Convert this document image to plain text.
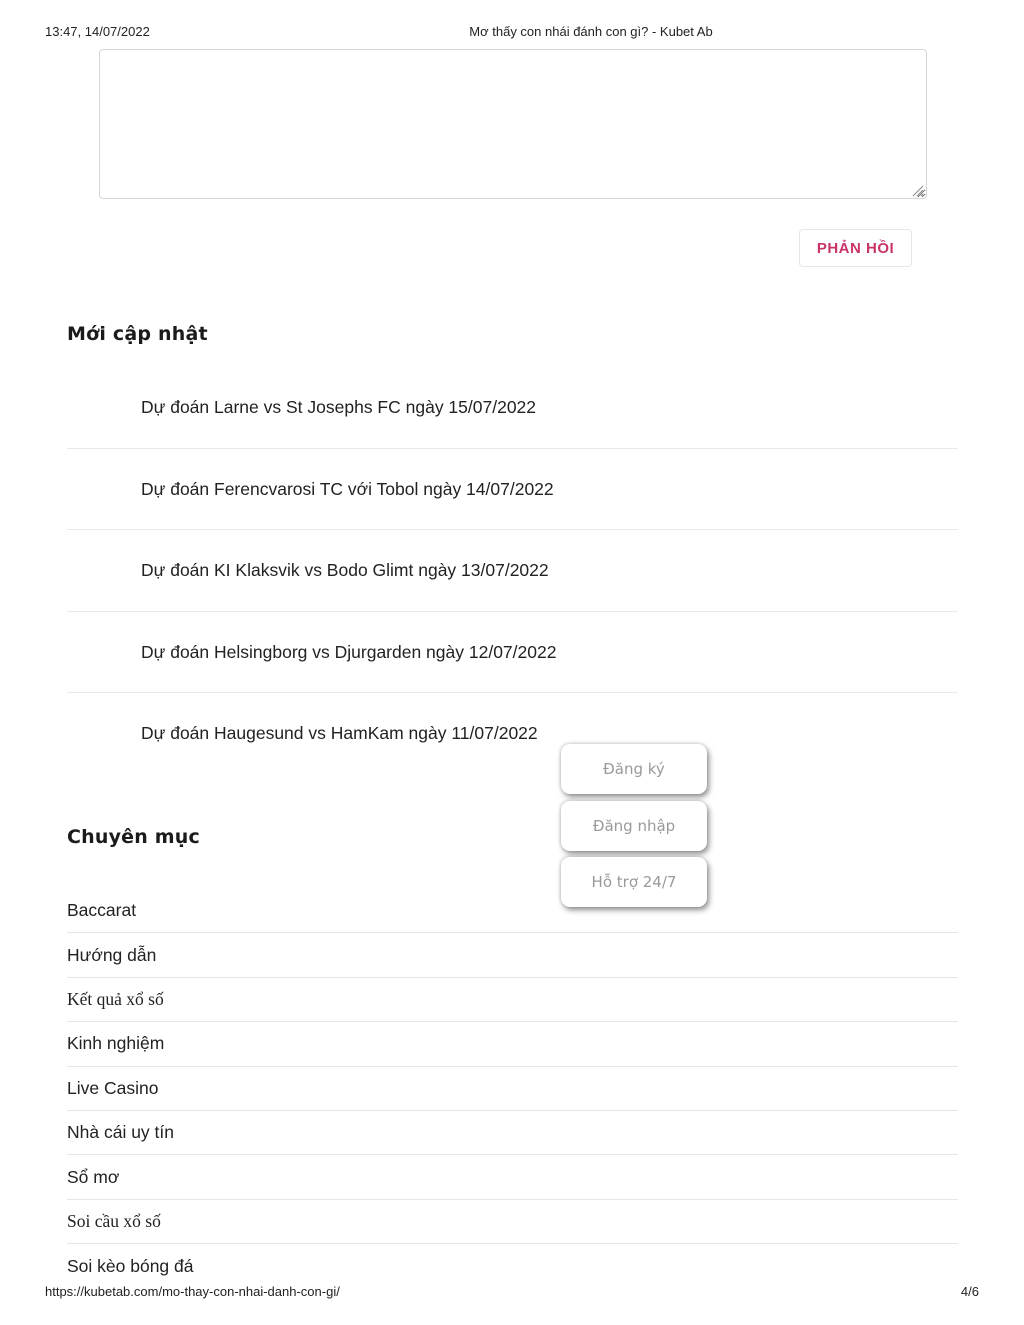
13:47, 14/07/2022	Mơ thấy con nhái đánh con gì? - Kubet Ab
PHẢN HỒI
Mới cập nhật
Dự đoán Larne vs St Josephs FC ngày 15/07/2022
Dự đoán Ferencvarosi TC với Tobol ngày 14/07/2022
Dự đoán KI Klaksvik vs Bodo Glimt ngày 13/07/2022
Dự đoán Helsingborg vs Djurgarden ngày 12/07/2022
Dự đoán Haugesund vs HamKam ngày 11/07/2022
Chuyên mục
Baccarat
Hướng dẫn
Kết quả xổ số
Kinh nghiệm
Live Casino
Nhà cái uy tín
Sổ mơ
Soi cầu xổ số
Soi kèo bóng đá
Đăng ký
Đăng nhập
Hỗ trợ 24/7
https://kubetab.com/mo-thay-con-nhai-danh-con-gi/	4/6
